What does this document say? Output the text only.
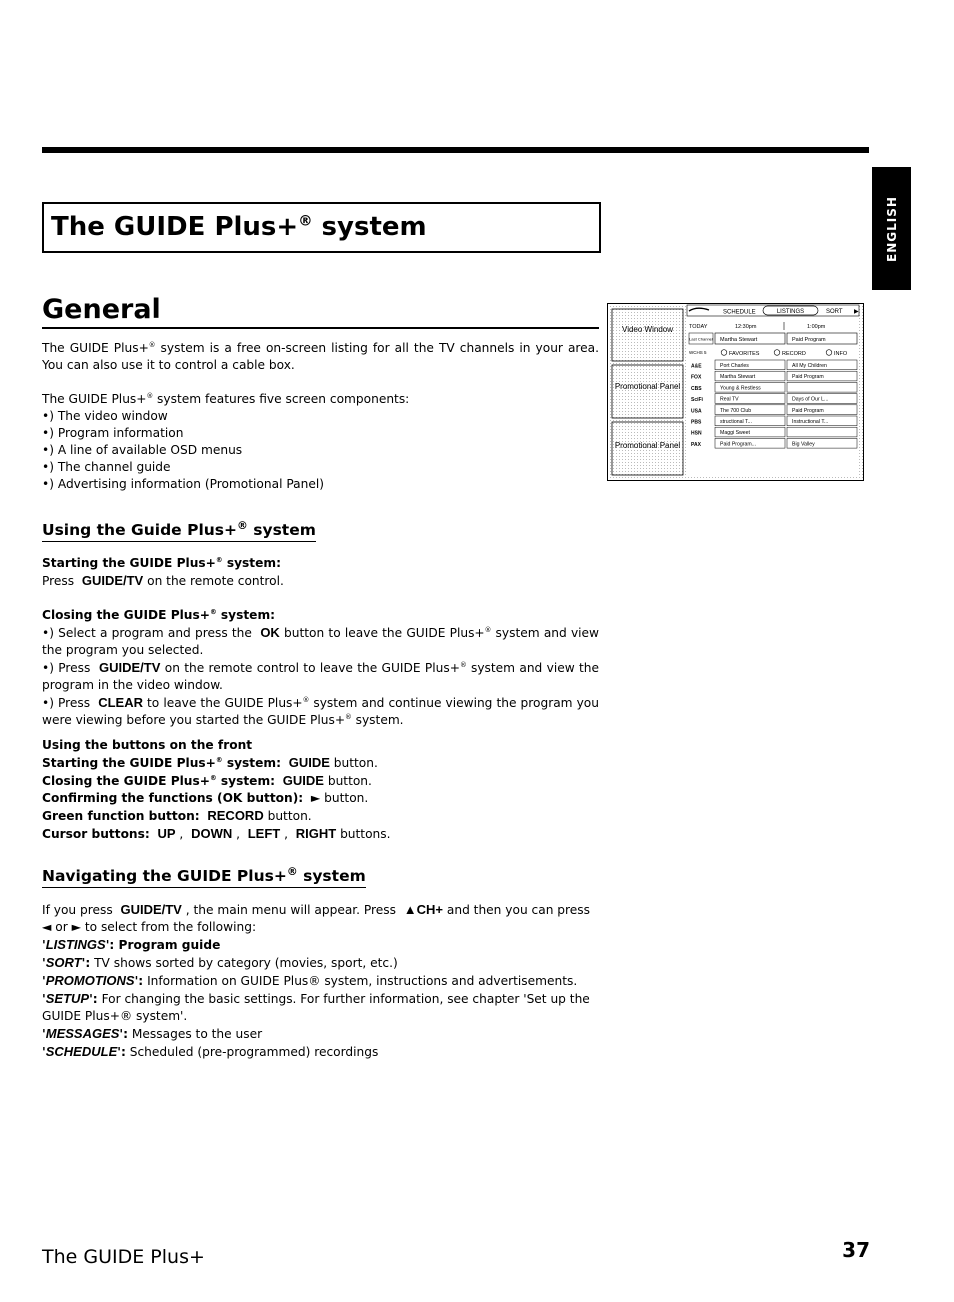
ENGLISH
The GUIDE Plus+® system
General

The GUIDE Plus+® system is a free on-screen listing for all the TV channels in your area. You can also use it to control a cable box.

The GUIDE Plus+® system features five screen components:

•) The video window

•) Program information

•) A line of available OSD menus

•) The channel guide

•) Advertising information (Promotional Panel)

Using the Guide Plus+® system

Starting the GUIDE Plus+® system:

Press GUIDE/TV on the remote control.

Closing the GUIDE Plus+® system:

•) Select a program and press the OK button to leave the GUIDE Plus+® system and view the program you selected.

•) Press GUIDE/TV on the remote control to leave the GUIDE Plus+® system and view the program in the video window.

•) Press CLEAR to leave the GUIDE Plus+® system and continue viewing the program you were viewing before you started the GUIDE Plus+® system.

Using the buttons on the front

Starting the GUIDE Plus+® system: GUIDE button.

Closing the GUIDE Plus+® system: GUIDE button.

Confirming the functions (OK button): ► button.

Green function button: RECORD button.

Cursor buttons: UP ,  DOWN ,  LEFT ,  RIGHT buttons.

Navigating the GUIDE Plus+® system

If you press GUIDE/TV , the main menu will appear. Press ▲CH+ and then you can press

◄ or ► to select from the following:

'LISTINGS': Program guide

'SORT': TV shows sorted by category (movies, sport, etc.)

'PROMOTIONS': Information on GUIDE Plus® system, instructions and advertisements.

'SETUP': For changing the basic settings. For further information, see chapter 'Set up the GUIDE Plus+® system'.

'MESSAGES': Messages to the user

'SCHEDULE': Scheduled (pre-programmed) recordings

Video Window
Promotional Panel
Promotional Panel
SCHEDULE	LISTINGS	SORT ▶
TODAY	12:30pm	1:00pm
Last Channel Martha Stewart	Paid Program
WCHS 5	FAVORITES	RECORD	INFO
A&E	Port Charles	All My Children
FOX	Martha Stewart	Paid Program
CBS	Young & Restless
SciFi	Real TV	Days of Our L...
USA	The 700 Club	Paid Program
PBS	structional T...	Instructional T...
HSN	Maggi Sweet
PAX	Paid Program...	Big Valley
The GUIDE Plus+	37
